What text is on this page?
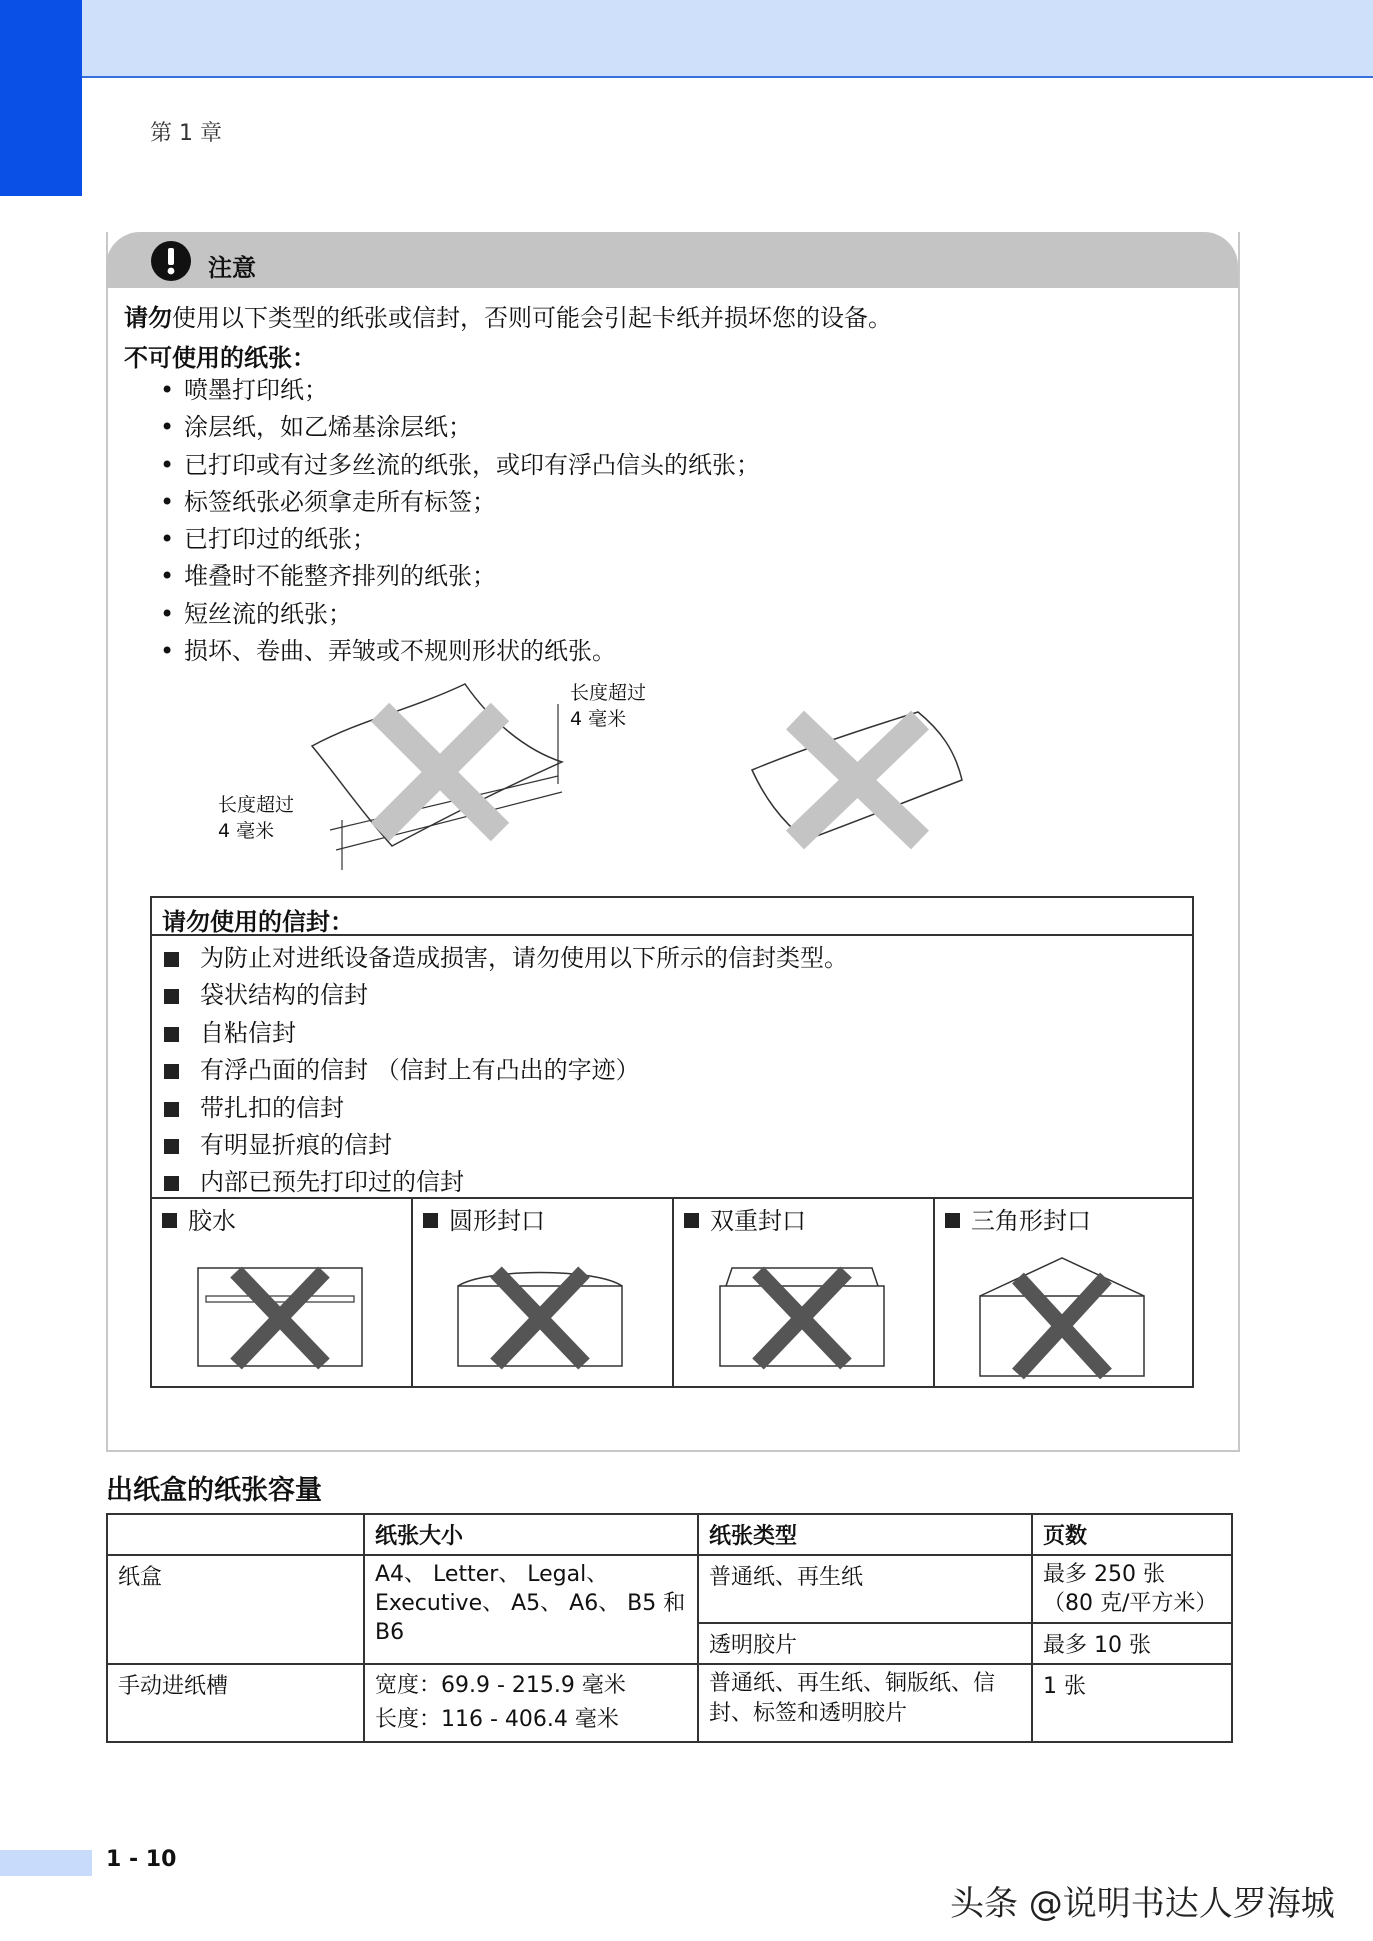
第 1 章
注意
请勿使用以下类型的纸张或信封，否则可能会引起卡纸并损坏您的设备。
不可使用的纸张：
• 喷墨打印纸；
• 涂层纸，如乙烯基涂层纸；
• 已打印或有过多丝流的纸张，或印有浮凸信头的纸张；
• 标签纸张必须拿走所有标签；
• 已打印过的纸张；
• 堆叠时不能整齐排列的纸张；
• 短丝流的纸张；
• 损坏、卷曲、弄皱或不规则形状的纸张。
长度超过
4 毫米
长度超过
4 毫米
请勿使用的信封：
为防止对进纸设备造成损害，请勿使用以下所示的信封类型。
袋状结构的信封
自粘信封
有浮凸面的信封 （信封上有凸出的字迹）
带扎扣的信封
有明显折痕的信封
内部已预先打印过的信封
胶水	圆形封口	双重封口	三角形封口
出纸盒的纸张容量
	纸张大小	纸张类型	页数
纸盒	A4、 Letter、 Legal、 Executive、 A5、 A6、 B5 和 B6	普通纸、再生纸	最多 250 张
（80 克/平方米）
		透明胶片	最多 10 张
手动进纸槽	宽度：69.9 - 215.9 毫米
长度：116 - 406.4 毫米	普通纸、再生纸、铜版纸、信封、标签和透明胶片	1 张
1 - 10
头条 @说明书达人罗海城
